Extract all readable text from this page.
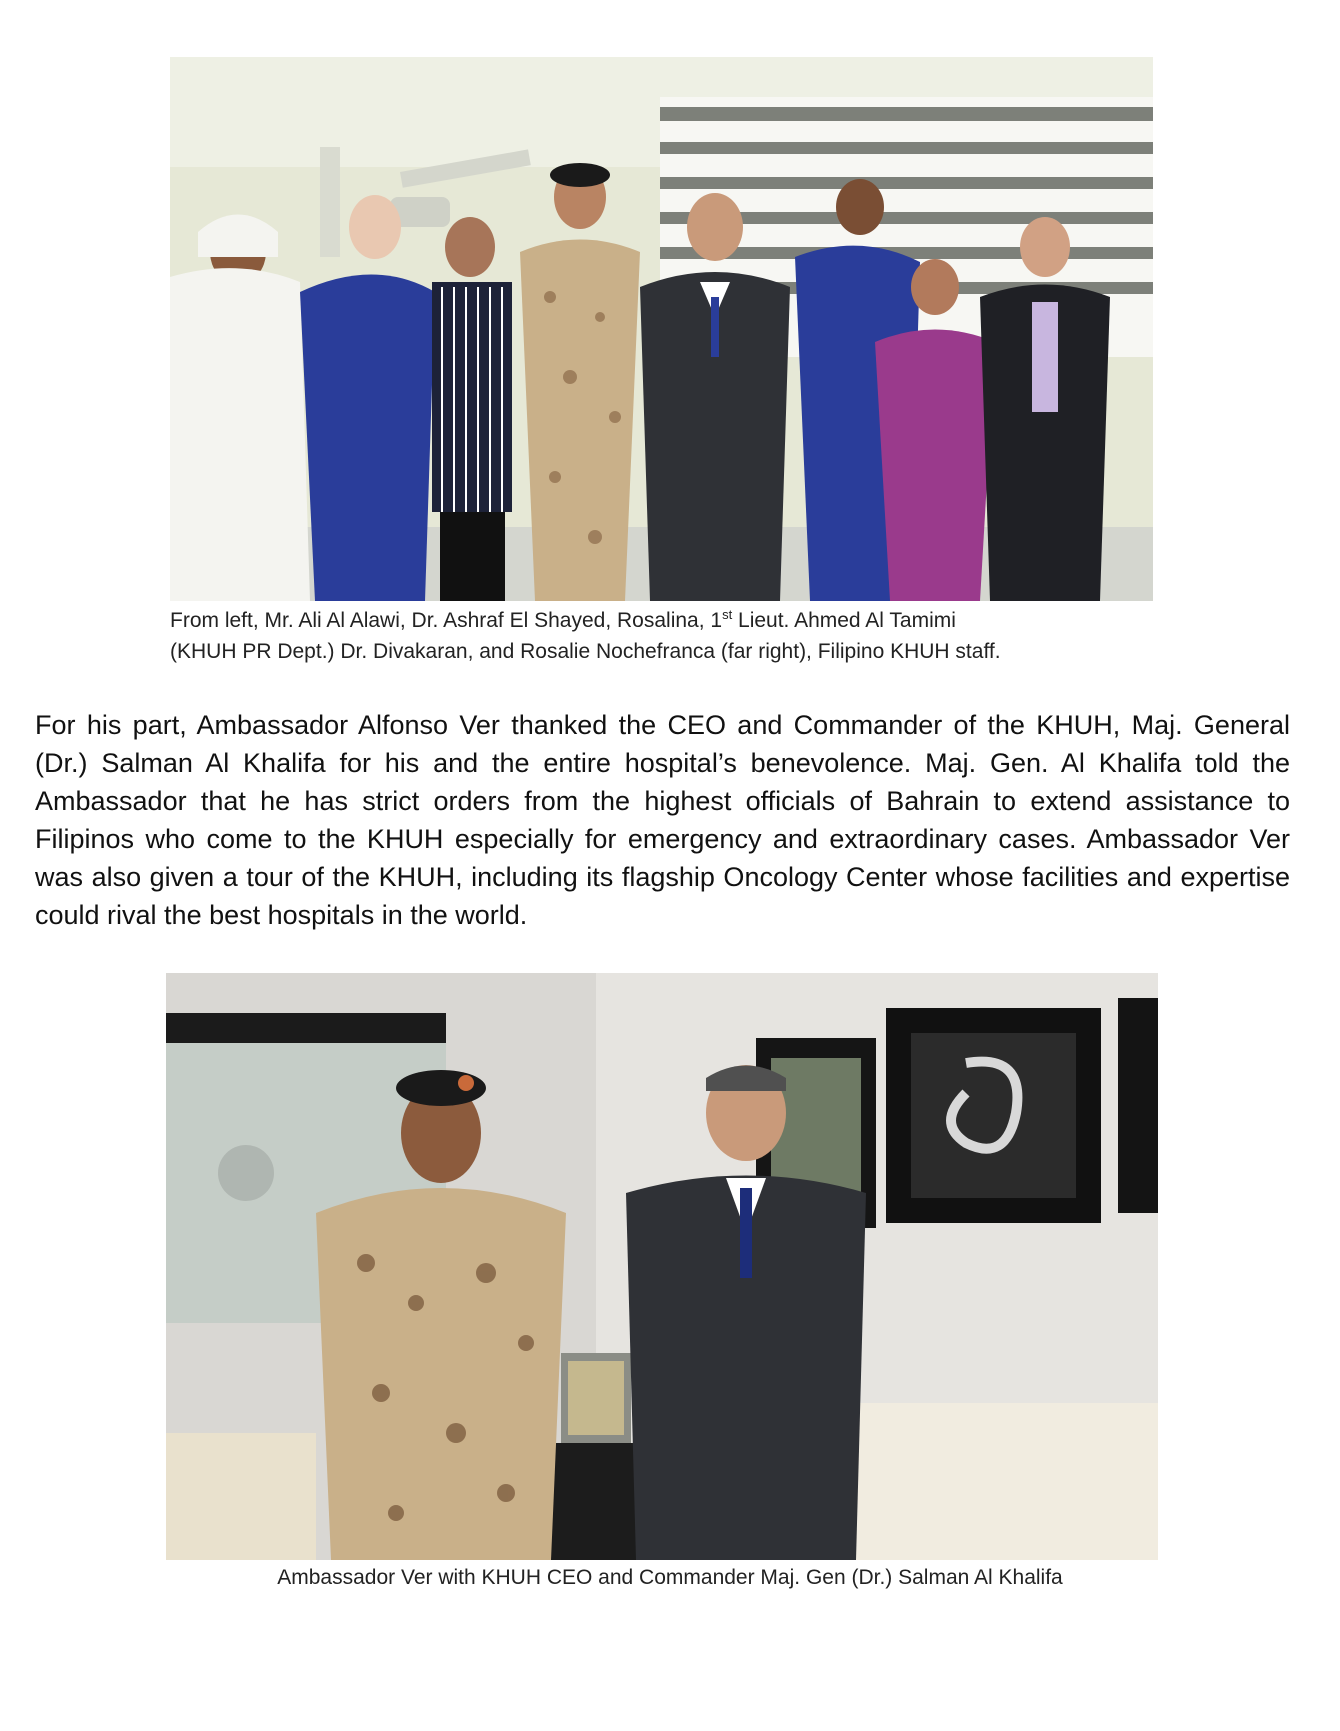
From left, Mr. Ali Al Alawi, Dr. Ashraf El Shayed, Rosalina, 1st Lieut. Ahmed Al Tamimi
(KHUH PR Dept.) Dr. Divakaran, and Rosalie Nochefranca (far right), Filipino KHUH staff.

For his part, Ambassador Alfonso Ver thanked the CEO and Commander of the KHUH, Maj. General (Dr.) Salman Al Khalifa for his and the entire hospital’s benevolence. Maj. Gen. Al Khalifa told the Ambassador that he has strict orders from the highest officials of Bahrain to extend assistance to Filipinos who come to the KHUH especially for emergency and extraordinary cases. Ambassador Ver was also given a tour of the KHUH, including its flagship Oncology Center whose facilities and expertise could rival the best hospitals in the world.

Ambassador Ver with KHUH CEO and Commander Maj. Gen (Dr.) Salman Al Khalifa
